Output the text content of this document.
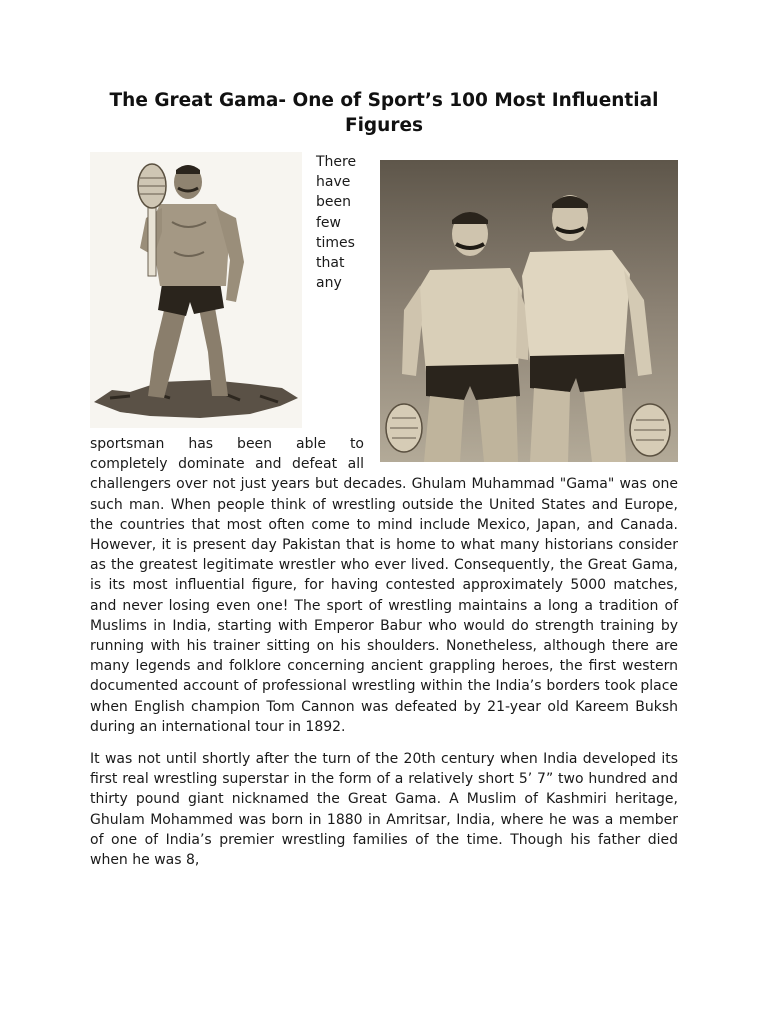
The Great Gama- One of Sport’s 100 Most Influential Figures
There have been few times that any sportsman has been able to completely dominate and defeat all challengers over not just years but decades. Ghulam Muhammad "Gama" was one such man. When people think of wrestling outside the United States and Europe, the countries that most often come to mind include Mexico, Japan, and Canada. However, it is present day Pakistan that is home to what many historians consider as the greatest legitimate wrestler who ever lived. Consequently, the Great Gama, is its most influential figure, for having contested approximately 5000 matches, and never losing even one! The sport of wrestling maintains a long a tradition of Muslims in India, starting with Emperor Babur who would do strength training by running with his trainer sitting on his shoulders. Nonetheless, although there are many legends and folklore concerning ancient grappling heroes, the first western documented account of professional wrestling within the India’s borders took place when English champion Tom Cannon was defeated by 21-year old Kareem Buksh during an international tour in 1892.

It was not until shortly after the turn of the 20th century when India developed its first real wrestling superstar in the form of a relatively short 5’ 7” two hundred and thirty pound giant nicknamed the Great Gama. A Muslim of Kashmiri heritage, Ghulam Mohammed was born in 1880 in Amritsar, India, where he was a member of one of India’s premier wrestling families of the time. Though his father died when he was 8,
